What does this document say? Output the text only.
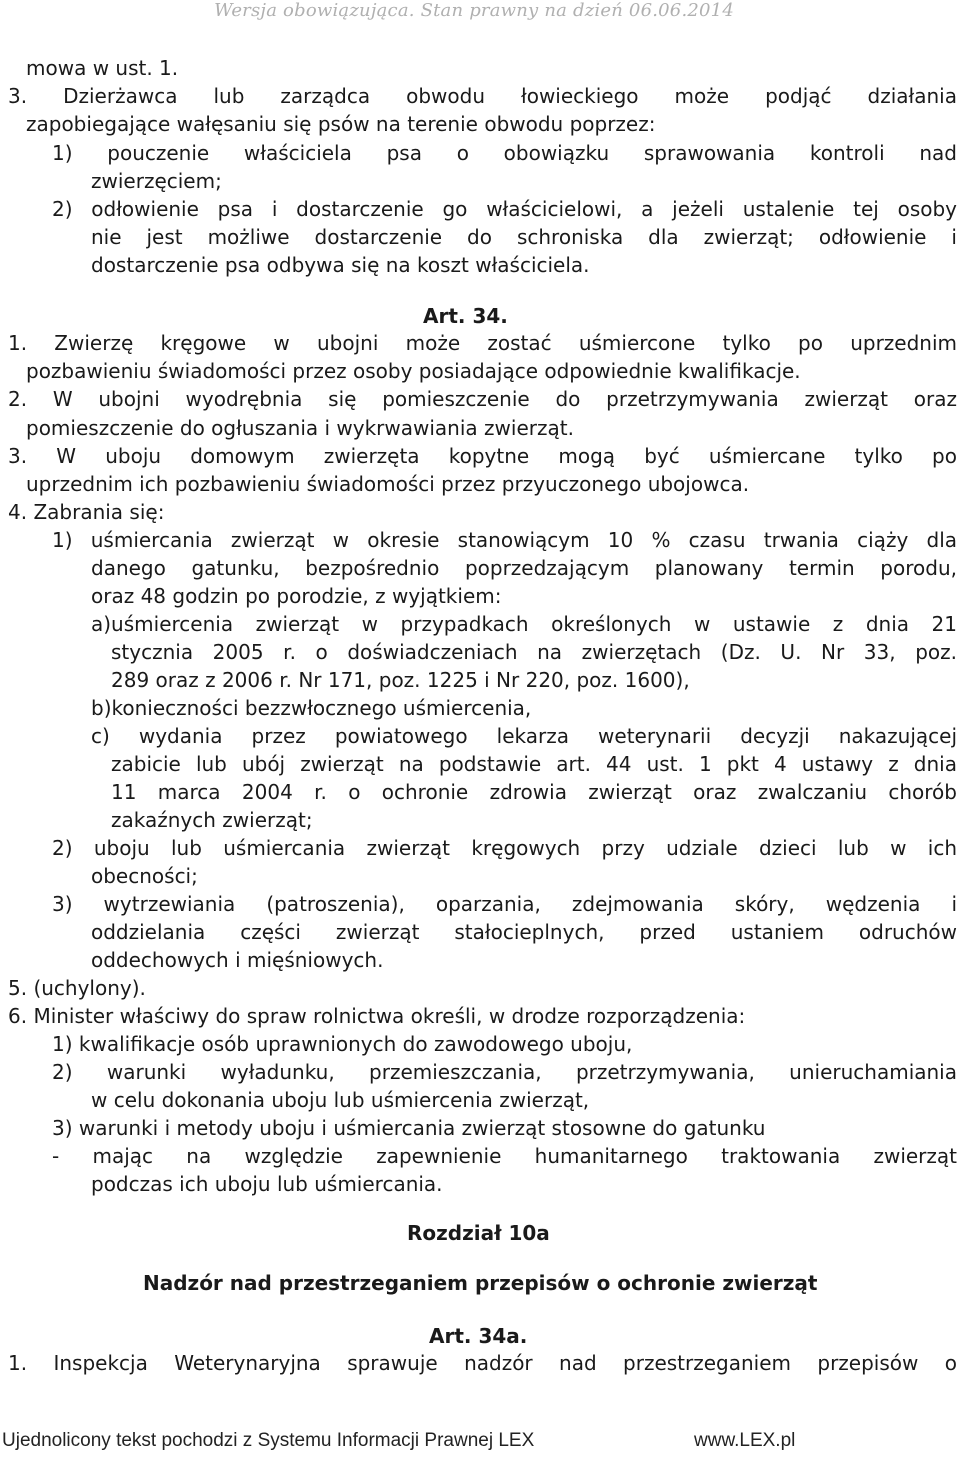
Wersja obowiązująca. Stan prawny na dzień 06.06.2014
mowa w ust. 1.
3. Dzierżawca lub zarządca obwodu łowieckiego może podjąć działania
zapobiegające wałęsaniu się psów na terenie obwodu poprzez:
1) pouczenie właściciela psa o obowiązku sprawowania kontroli nad
zwierzęciem;
2) odłowienie psa i dostarczenie go właścicielowi, a jeżeli ustalenie tej osoby
nie jest możliwe dostarczenie do schroniska dla zwierząt; odłowienie i
dostarczenie psa odbywa się na koszt właściciela.
1. Zwierzę kręgowe w ubojni może zostać uśmiercone tylko po uprzednim
pozbawieniu świadomości przez osoby posiadające odpowiednie kwalifikacje.
2. W ubojni wyodrębnia się pomieszczenie do przetrzymywania zwierząt oraz
pomieszczenie do ogłuszania i wykrwawiania zwierząt.
3. W uboju domowym zwierzęta kopytne mogą być uśmiercane tylko po
uprzednim ich pozbawieniu świadomości przez przyuczonego ubojowca.
4. Zabrania się:
1) uśmiercania zwierząt w okresie stanowiącym 10 % czasu trwania ciąży dla
danego gatunku, bezpośrednio poprzedzającym planowany termin porodu,
oraz 48 godzin po porodzie, z wyjątkiem:
a)uśmiercenia zwierząt w przypadkach określonych w ustawie z dnia 21
stycznia 2005 r. o doświadczeniach na zwierzętach (Dz. U. Nr 33, poz.
289 oraz z 2006 r. Nr 171, poz. 1225 i Nr 220, poz. 1600),
b)konieczności bezzwłocznego uśmiercenia,
c) wydania przez powiatowego lekarza weterynarii decyzji nakazującej
zabicie lub ubój zwierząt na podstawie art. 44 ust. 1 pkt 4 ustawy z dnia
11 marca 2004 r. o ochronie zdrowia zwierząt oraz zwalczaniu chorób
zakaźnych zwierząt;
2) uboju lub uśmiercania zwierząt kręgowych przy udziale dzieci lub w ich
obecności;
3) wytrzewiania (patroszenia), oparzania, zdejmowania skóry, wędzenia i
oddzielania części zwierząt stałocieplnych, przed ustaniem odruchów
oddechowych i mięśniowych.
5. (uchylony).
6. Minister właściwy do spraw rolnictwa określi, w drodze rozporządzenia:
1) kwalifikacje osób uprawnionych do zawodowego uboju,
2) warunki wyładunku, przemieszczania, przetrzymywania, unieruchamiania
w celu dokonania uboju lub uśmiercenia zwierząt,
3) warunki i metody uboju i uśmiercania zwierząt stosowne do gatunku
- mając na względzie zapewnienie humanitarnego traktowania zwierząt
podczas ich uboju lub uśmiercania.
1. Inspekcja Weterynaryjna sprawuje nadzór nad przestrzeganiem przepisów o
Art. 34.
Rozdział 10a
Nadzór nad przestrzeganiem przepisów o ochronie zwierząt
Art. 34a.
Ujednolicony tekst pochodzi z Systemu Informacji Prawnej LEX	www.LEX.pl
